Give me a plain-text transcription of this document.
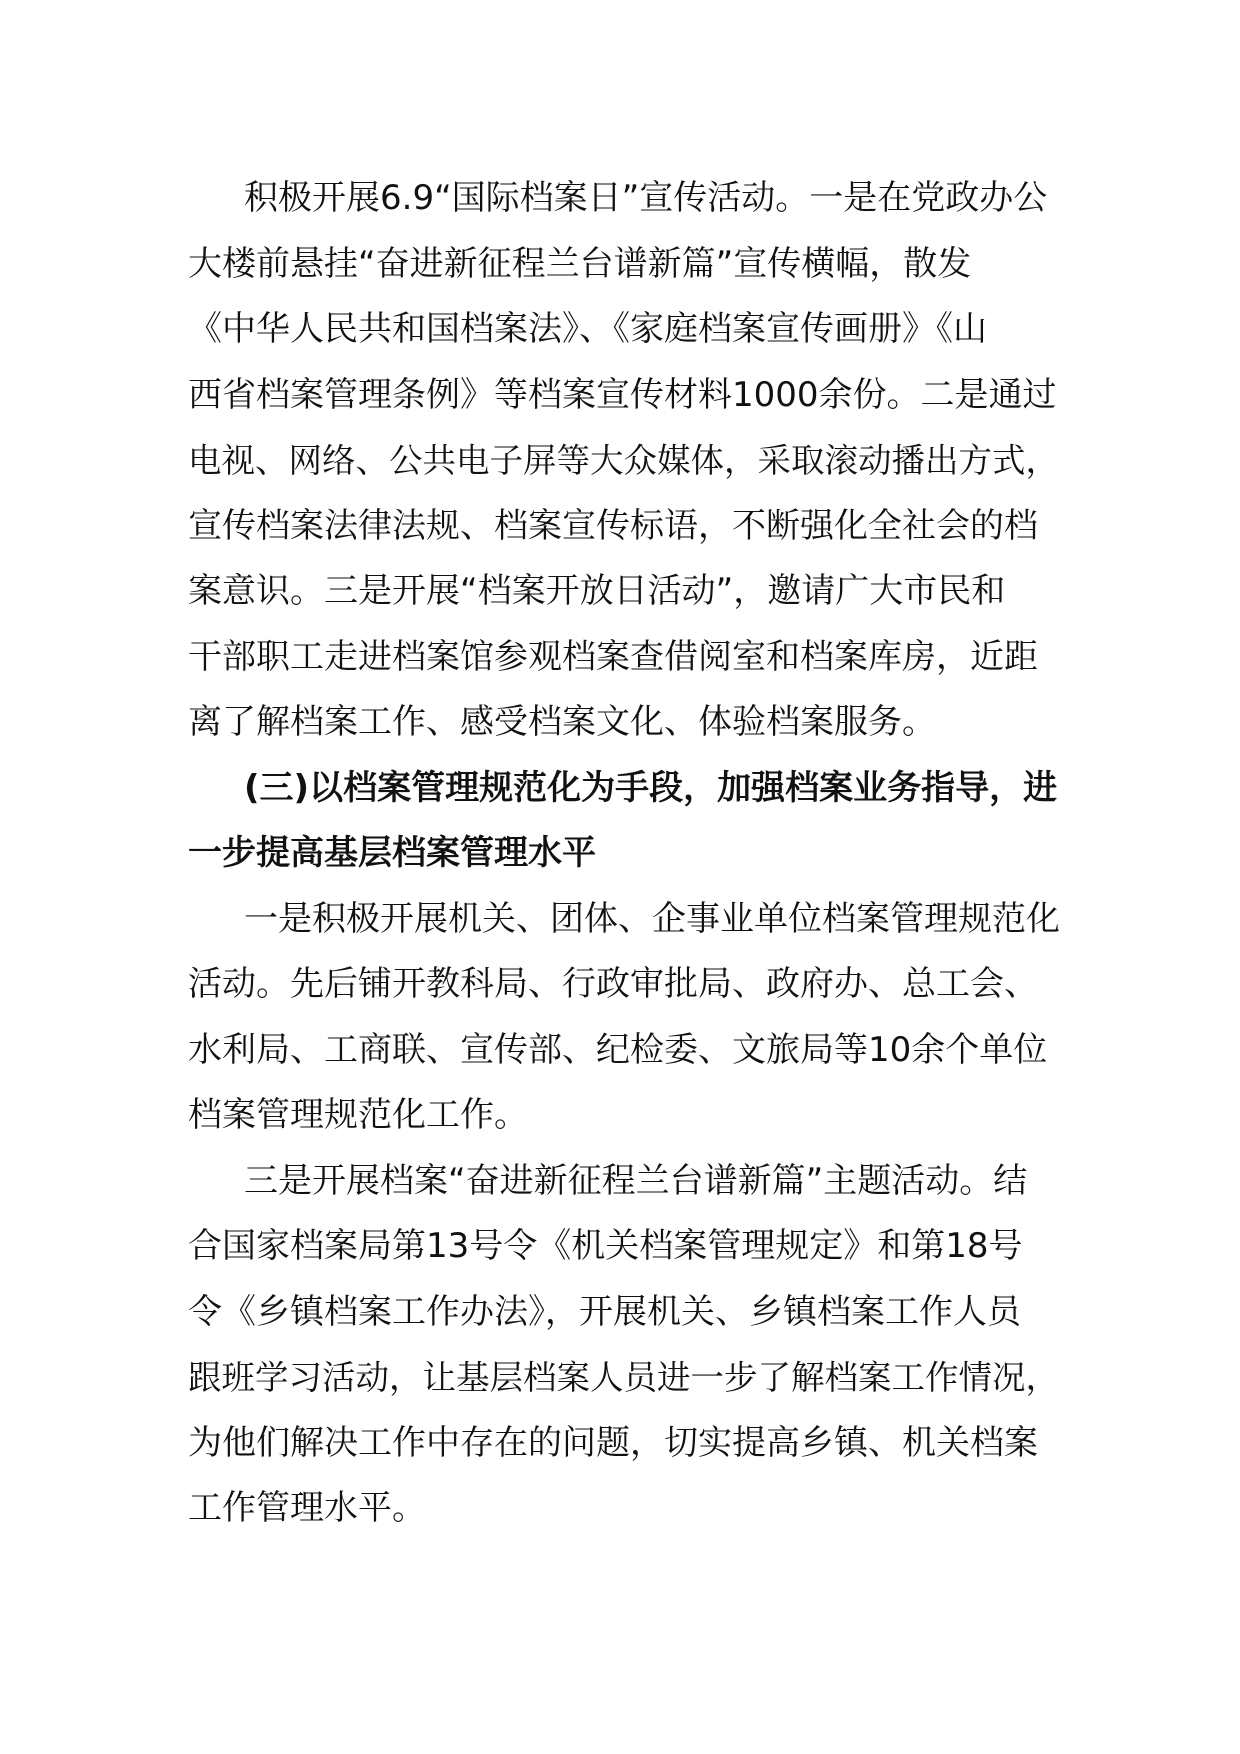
积极开展6.9“国际档案日”宣传活动。一是在党政办公
大楼前悬挂“奋进新征程兰台谱新篇”宣传横幅，散发
《中华人民共和国档案法》、《家庭档案宣传画册》《山
西省档案管理条例》等档案宣传材料1000余份。二是通过
电视、网络、公共电子屏等大众媒体，采取滚动播出方式，
宣传档案法律法规、档案宣传标语，不断强化全社会的档
案意识。三是开展“档案开放日活动”，邀请广大市民和
干部职工走进档案馆参观档案查借阅室和档案库房，近距
离了解档案工作、感受档案文化、体验档案服务。
(三)以档案管理规范化为手段，加强档案业务指导，进
一步提高基层档案管理水平
一是积极开展机关、团体、企事业单位档案管理规范化
活动。先后铺开教科局、行政审批局、政府办、总工会、
水利局、工商联、宣传部、纪检委、文旅局等10余个单位
档案管理规范化工作。
三是开展档案“奋进新征程兰台谱新篇”主题活动。结
合国家档案局第13号令《机关档案管理规定》和第18号
令《乡镇档案工作办法》，开展机关、乡镇档案工作人员
跟班学习活动，让基层档案人员进一步了解档案工作情况，
为他们解决工作中存在的问题，切实提高乡镇、机关档案
工作管理水平。
